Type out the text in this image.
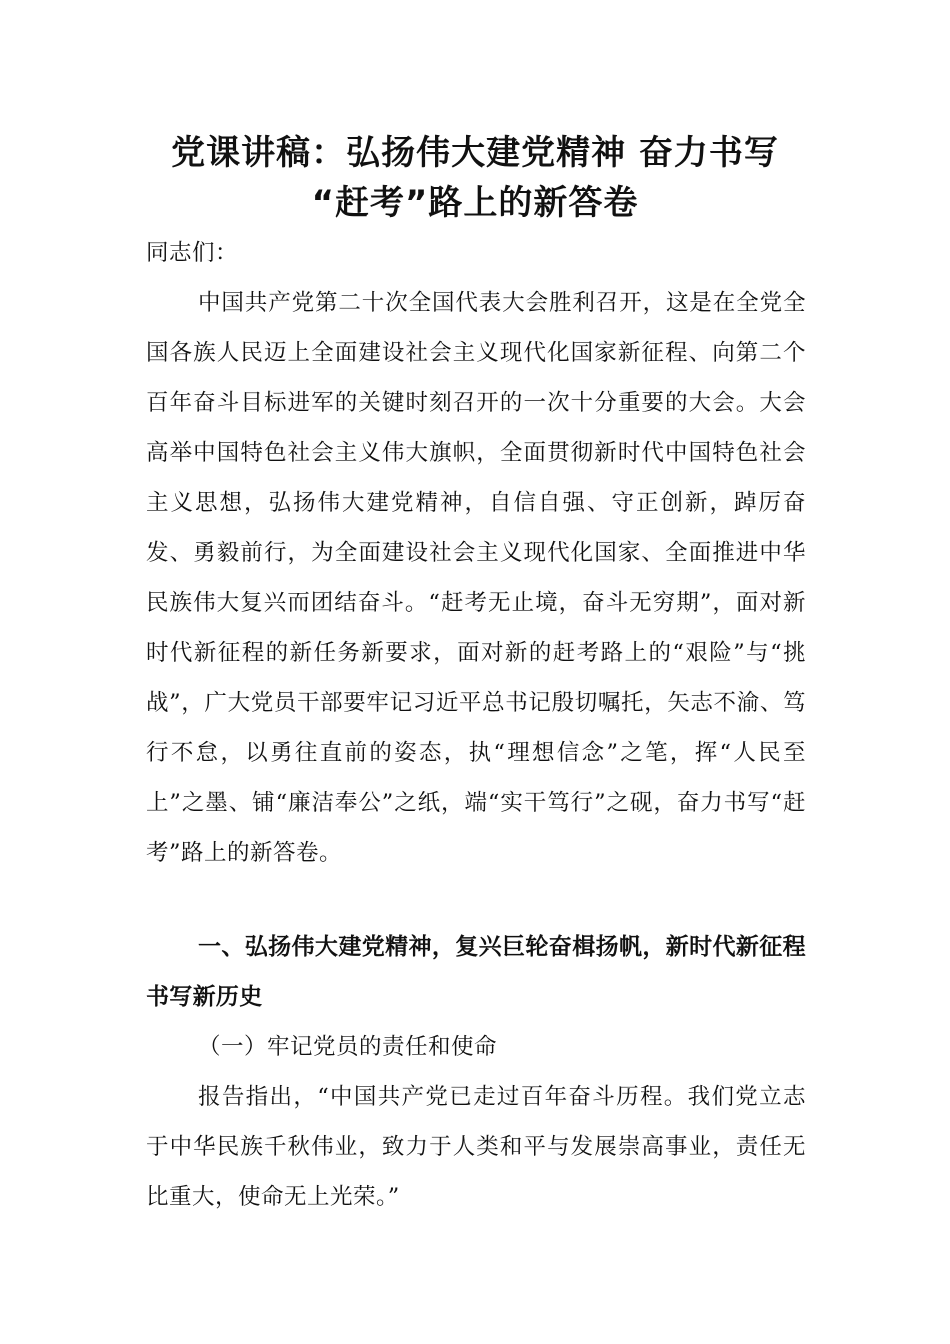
党课讲稿：弘扬伟大建党精神 奋力书写
“赶考”路上的新答卷

同志们：

中国共产党第二十次全国代表大会胜利召开，这是在全党全国各族人民迈上全面建设社会主义现代化国家新征程、向第二个百年奋斗目标进军的关键时刻召开的一次十分重要的大会。大会高举中国特色社会主义伟大旗帜，全面贯彻新时代中国特色社会主义思想，弘扬伟大建党精神，自信自强、守正创新，踔厉奋发、勇毅前行，为全面建设社会主义现代化国家、全面推进中华民族伟大复兴而团结奋斗。“赶考无止境，奋斗无穷期”，面对新时代新征程的新任务新要求，面对新的赶考路上的“艰险”与“挑战”，广大党员干部要牢记习近平总书记殷切嘱托，矢志不渝、笃行不怠，以勇往直前的姿态，执“理想信念”之笔，挥“人民至上”之墨、铺“廉洁奉公”之纸，端“实干笃行”之砚，奋力书写“赶考”路上的新答卷。

一、弘扬伟大建党精神，复兴巨轮奋楫扬帆，新时代新征程书写新历史

（一）牢记党员的责任和使命

报告指出，“中国共产党已走过百年奋斗历程。我们党立志于中华民族千秋伟业，致力于人类和平与发展崇高事业，责任无比重大，使命无上光荣。”
